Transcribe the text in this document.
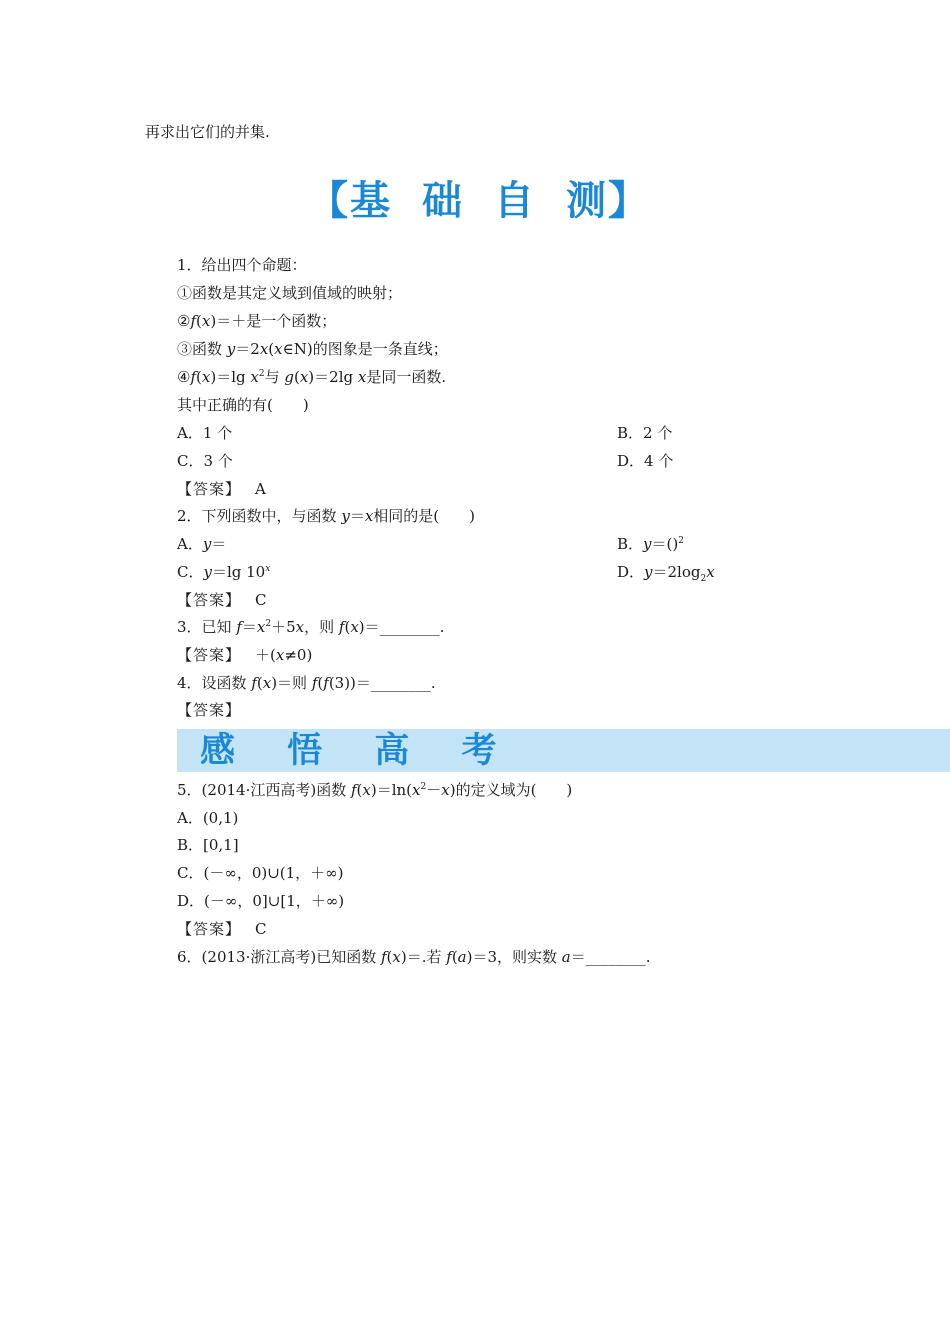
再求出它们的并集.
【基 础 自 测】
1．给出四个命题：
①函数是其定义域到值域的映射；
②f(x)＝＋是一个函数；
③函数 y＝2x(x∈N)的图象是一条直线；
④f(x)＝lg $x^2$与 g(x)＝2lg x是同一函数.
其中正确的有(　　)
A．1 个	B．2 个
C．3 个	D．4 个
【答案】 A
2．下列函数中，与函数 y＝x相同的是(　　)
A．y＝	B．y＝()$^2$
C．y＝lg 10$^x$	D．$y=2\log_2x$
【答案】 C
3．已知 $f=x^2+5x$，则 f(x)＝________.
【答案】 ＋(x≠0)
4．设函数 f(x)＝则 f(f(3))＝________.
【答案】
感 悟 高 考
5．(2014·江西高考)函数 $f(x)=\ln(x^2-x)$的定义域为(　　)
A．(0,1)
B．[0,1]
C．(－∞，0)∪(1，＋∞)
D．(－∞，0]∪[1，＋∞)
【答案】 C
6．(2013·浙江高考)已知函数 f(x)＝.若 f(a)＝3，则实数 a＝________.
